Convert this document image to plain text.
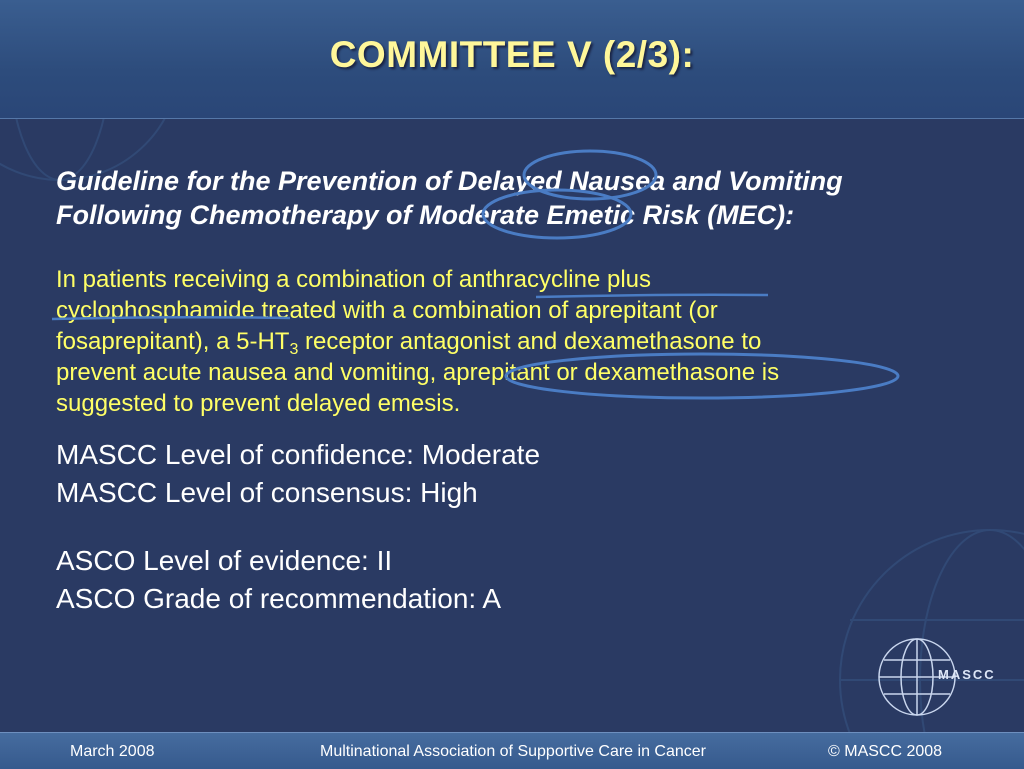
COMMITTEE V (2/3):
Guideline for the Prevention of Delayed Nausea and Vomiting
Following Chemotherapy of Moderate Emetic Risk (MEC):
In patients receiving a combination of anthracycline plus
cyclophosphamide treated with a combination of aprepitant (or
fosaprepitant), a $5-HT_3$ receptor antagonist and dexamethasone to
prevent acute nausea and vomiting, aprepitant or dexamethasone is
suggested to prevent delayed emesis.
MASCC Level of confidence: Moderate
MASCC Level of consensus: High
ASCO Level of evidence: II
ASCO Grade of recommendation: A
MASCC
March 2008	Multinational Association of Supportive Care in Cancer	© MASCC 2008
